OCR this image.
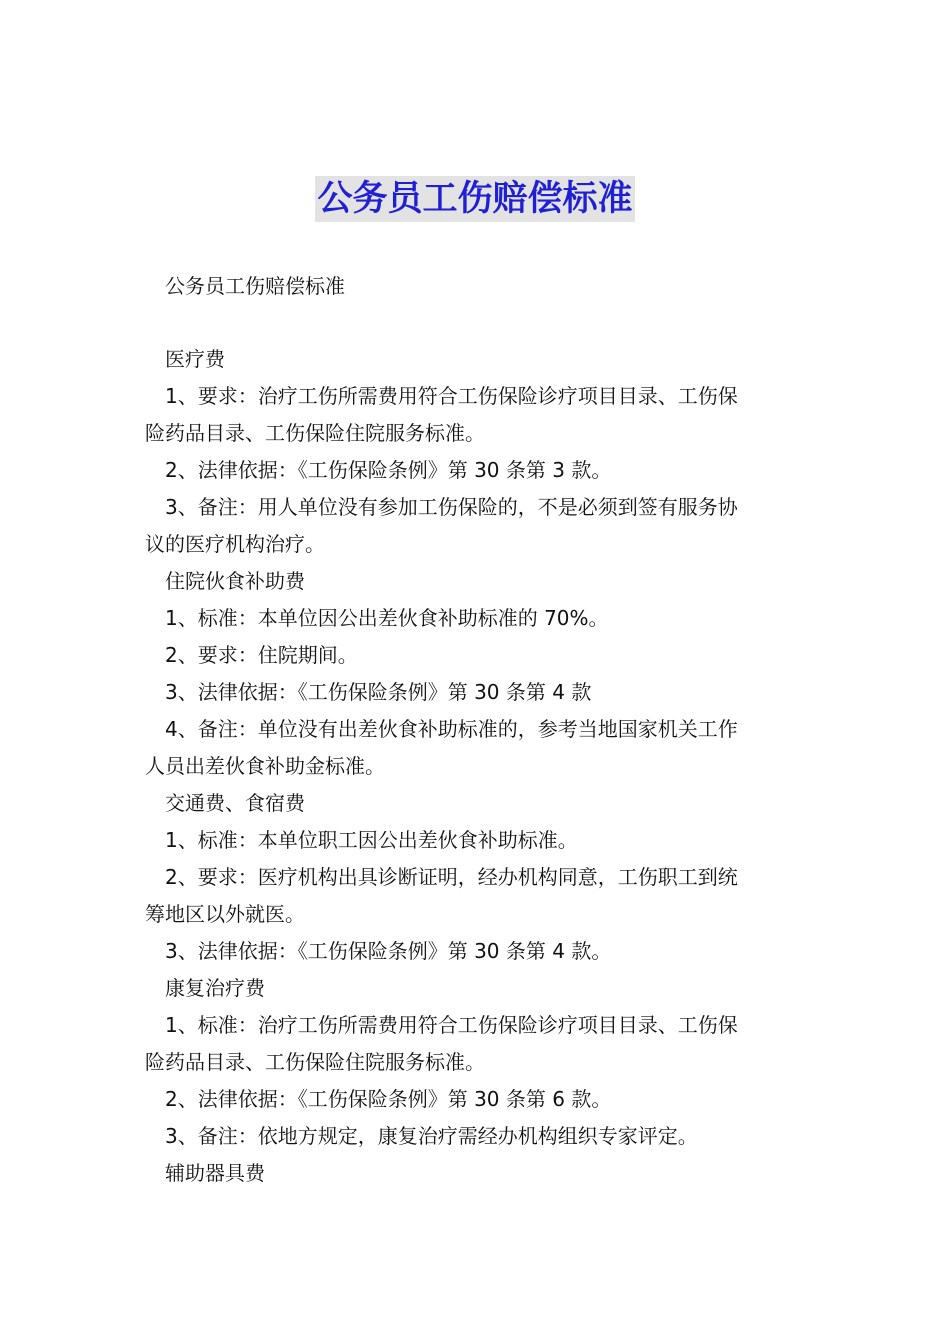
公务员工伤赔偿标准
公务员工伤赔偿标准
医疗费
1、要求：治疗工伤所需费用符合工伤保险诊疗项目目录、工伤保
险药品目录、工伤保险住院服务标准。
2、法律依据：《工伤保险条例》第 30 条第 3 款。
3、备注：用人单位没有参加工伤保险的，不是必须到签有服务协
议的医疗机构治疗。
住院伙食补助费
1、标准：本单位因公出差伙食补助标准的 70%。
2、要求：住院期间。
3、法律依据：《工伤保险条例》第 30 条第 4 款
4、备注：单位没有出差伙食补助标准的，参考当地国家机关工作
人员出差伙食补助金标准。
交通费、食宿费
1、标准：本单位职工因公出差伙食补助标准。
2、要求：医疗机构出具诊断证明，经办机构同意，工伤职工到统
筹地区以外就医。
3、法律依据：《工伤保险条例》第 30 条第 4 款。
康复治疗费
1、标准：治疗工伤所需费用符合工伤保险诊疗项目目录、工伤保
险药品目录、工伤保险住院服务标准。
2、法律依据：《工伤保险条例》第 30 条第 6 款。
3、备注：依地方规定，康复治疗需经办机构组织专家评定。
辅助器具费
